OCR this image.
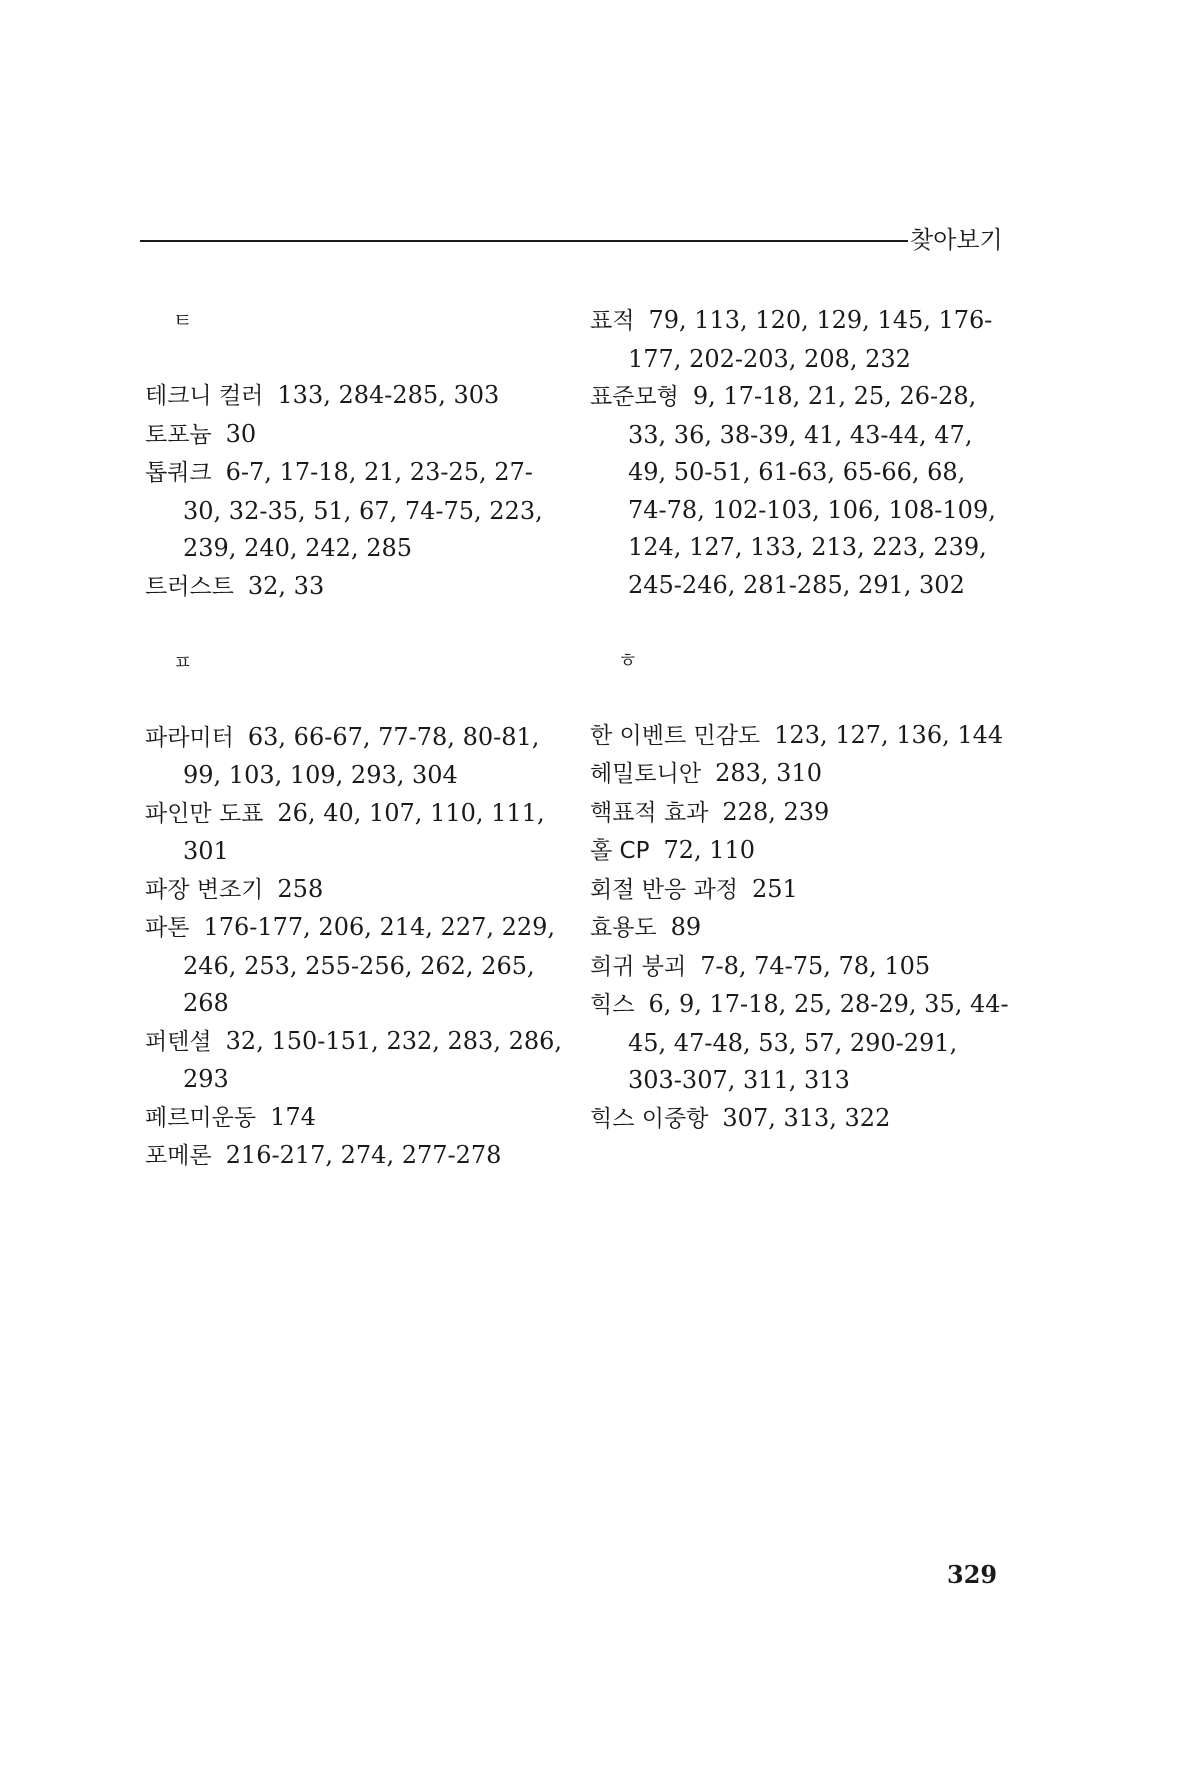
찾아보기
ㅌ
테크니 컬러 133, 284-285, 303
토포늄 30
톱쿼크 6-7, 17-18, 21, 23-25, 27-30, 32-35, 51, 67, 74-75, 223, 239, 240, 242, 285
트러스트 32, 33
ㅍ
파라미터 63, 66-67, 77-78, 80-81, 99, 103, 109, 293, 304
파인만 도표 26, 40, 107, 110, 111, 301
파장 변조기 258
파톤 176-177, 206, 214, 227, 229, 246, 253, 255-256, 262, 265, 268
퍼텐셜 32, 150-151, 232, 283, 286, 293
페르미운동 174
포메론 216-217, 274, 277-278
표적 79, 113, 120, 129, 145, 176-177, 202-203, 208, 232
표준모형 9, 17-18, 21, 25, 26-28, 33, 36, 38-39, 41, 43-44, 47, 49, 50-51, 61-63, 65-66, 68, 74-78, 102-103, 106, 108-109, 124, 127, 133, 213, 223, 239, 245-246, 281-285, 291, 302
ㅎ
한 이벤트 민감도 123, 127, 136, 144
헤밀토니안 283, 310
핵표적 효과 228, 239
홀 CP 72, 110
회절 반응 과정 251
효용도 89
희귀 붕괴 7-8, 74-75, 78, 105
힉스 6, 9, 17-18, 25, 28-29, 35, 44-45, 47-48, 53, 57, 290-291, 303-307, 311, 313
힉스 이중항 307, 313, 322
329
